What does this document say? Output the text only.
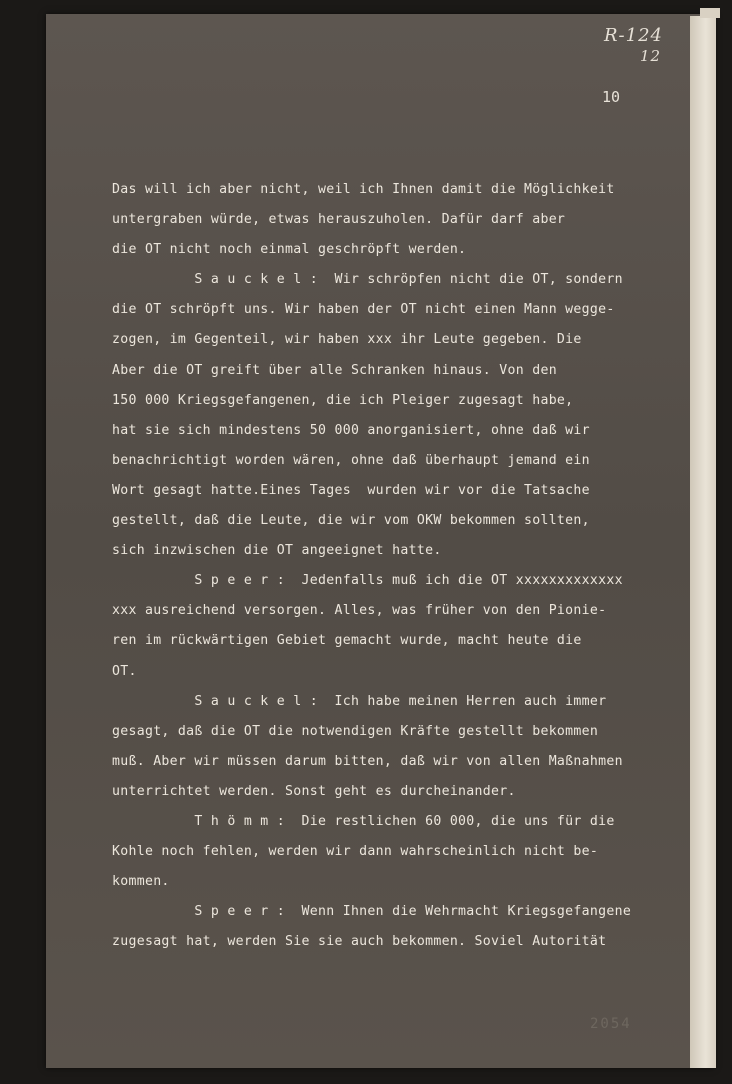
R-124
12
10
Das will ich aber nicht, weil ich Ihnen damit die Möglichkeit
untergraben würde, etwas herauszuholen. Dafür darf aber
die OT nicht noch einmal geschröpft werden.
S a u c k e l :  Wir schröpfen nicht die OT, sondern
die OT schröpft uns. Wir haben der OT nicht einen Mann wegge-
zogen, im Gegenteil, wir haben xxx ihr Leute gegeben. Die
Aber die OT greift über alle Schranken hinaus. Von den
150 000 Kriegsgefangenen, die ich Pleiger zugesagt habe,
hat sie sich mindestens 50 000 anorganisiert, ohne daß wir
benachrichtigt worden wären, ohne daß überhaupt jemand ein
Wort gesagt hatte.Eines Tages  wurden wir vor die Tatsache
gestellt, daß die Leute, die wir vom OKW bekommen sollten,
sich inzwischen die OT angeeignet hatte.
S p e e r :  Jedenfalls muß ich die OT xxxxxxxxxxxxx
xxx ausreichend versorgen. Alles, was früher von den Pionie-
ren im rückwärtigen Gebiet gemacht wurde, macht heute die
OT.
S a u c k e l :  Ich habe meinen Herren auch immer
gesagt, daß die OT die notwendigen Kräfte gestellt bekommen
muß. Aber wir müssen darum bitten, daß wir von allen Maßnahmen
unterrichtet werden. Sonst geht es durcheinander.
T h ö m m :  Die restlichen 60 000, die uns für die
Kohle noch fehlen, werden wir dann wahrscheinlich nicht be-
kommen.
S p e e r :  Wenn Ihnen die Wehrmacht Kriegsgefangene
zugesagt hat, werden Sie sie auch bekommen. Soviel Autorität
2054
